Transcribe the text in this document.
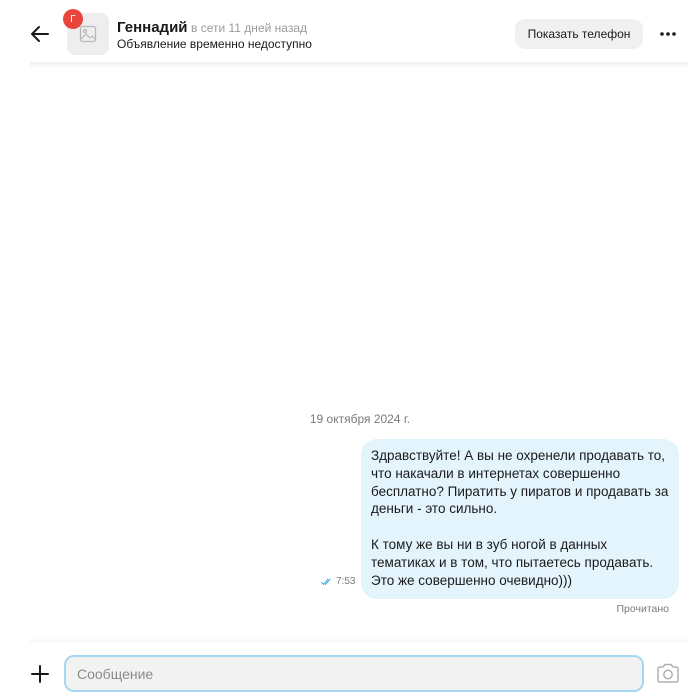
Г	Геннадий в сети 11 дней назад
Объявление временно недоступно
Показать телефон
19 октября 2024 г.

Здравствуйте! А вы не охренели продавать то, что накачали в интернетах совершенно бесплатно? Пиратить у пиратов и продавать за деньги - это сильно.

К тому же вы ни в зуб ногой в данных тематиках и в том, что пытаетесь продавать. Это же совершенно очевидно)))

7:53
Прочитано
Сообщение
